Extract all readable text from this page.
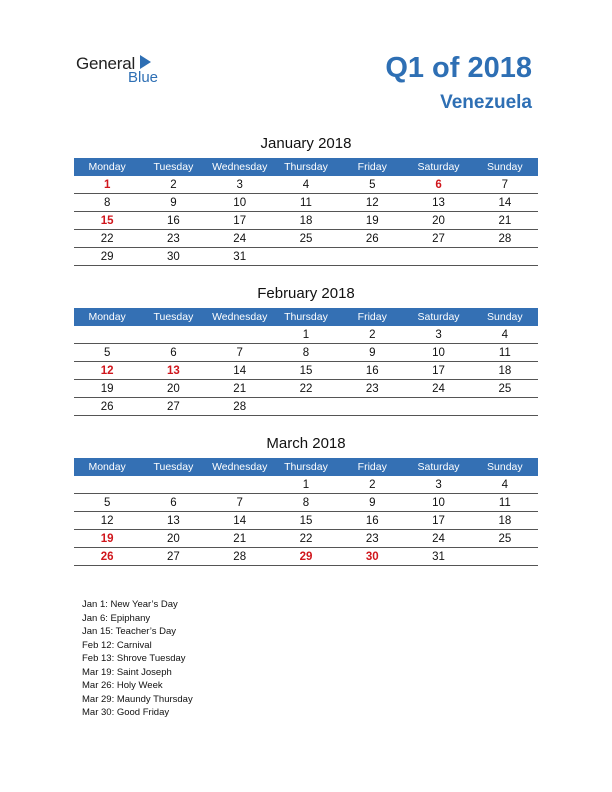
General
Blue	Q1 of 2018
Venezuela
January 2018
Monday	Tuesday	Wednesday	Thursday	Friday	Saturday	Sunday
1	2	3	4	5	6	7
8	9	10	11	12	13	14
15	16	17	18	19	20	21
22	23	24	25	26	27	28
29	30	31				
February 2018
Monday	Tuesday	Wednesday	Thursday	Friday	Saturday	Sunday
			1	2	3	4
5	6	7	8	9	10	11
12	13	14	15	16	17	18
19	20	21	22	23	24	25
26	27	28				
March 2018
Monday	Tuesday	Wednesday	Thursday	Friday	Saturday	Sunday
			1	2	3	4
5	6	7	8	9	10	11
12	13	14	15	16	17	18
19	20	21	22	23	24	25
26	27	28	29	30	31	
Jan 1: New Year’s Day
Jan 6: Epiphany
Jan 15: Teacher’s Day
Feb 12: Carnival
Feb 13: Shrove Tuesday
Mar 19: Saint Joseph
Mar 26: Holy Week
Mar 29: Maundy Thursday
Mar 30: Good Friday
